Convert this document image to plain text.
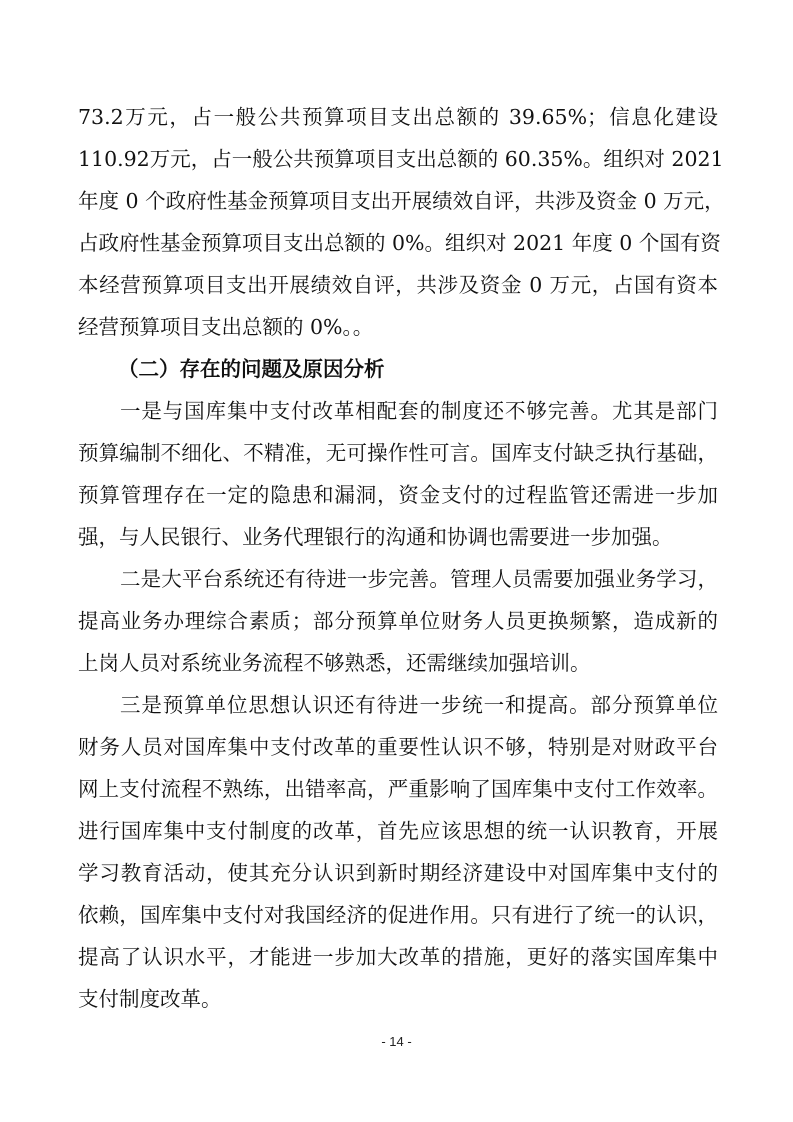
73.2万元，占一般公共预算项目支出总额的 39.65%；信息化建设
110.92万元，占一般公共预算项目支出总额的 60.35%。组织对 2021
年度 0 个政府性基金预算项目支出开展绩效自评，共涉及资金 0 万元，
占政府性基金预算项目支出总额的 0%。组织对 2021 年度 0 个国有资
本经营预算项目支出开展绩效自评，共涉及资金 0 万元，占国有资本
经营预算项目支出总额的 0%。。
（二）存在的问题及原因分析
一是与国库集中支付改革相配套的制度还不够完善。尤其是部门
预算编制不细化、不精准，无可操作性可言。国库支付缺乏执行基础，
预算管理存在一定的隐患和漏洞，资金支付的过程监管还需进一步加
强，与人民银行、业务代理银行的沟通和协调也需要进一步加强。
二是大平台系统还有待进一步完善。管理人员需要加强业务学习，
提高业务办理综合素质；部分预算单位财务人员更换频繁，造成新的
上岗人员对系统业务流程不够熟悉，还需继续加强培训。
三是预算单位思想认识还有待进一步统一和提高。部分预算单位
财务人员对国库集中支付改革的重要性认识不够，特别是对财政平台
网上支付流程不熟练，出错率高，严重影响了国库集中支付工作效率。
进行国库集中支付制度的改革，首先应该思想的统一认识教育，开展
学习教育活动，使其充分认识到新时期经济建设中对国库集中支付的
依赖，国库集中支付对我国经济的促进作用。只有进行了统一的认识，
- 14 -
提高了认识水平，才能进一步加大改革的措施，更好的落实国库集中
支付制度改革。
